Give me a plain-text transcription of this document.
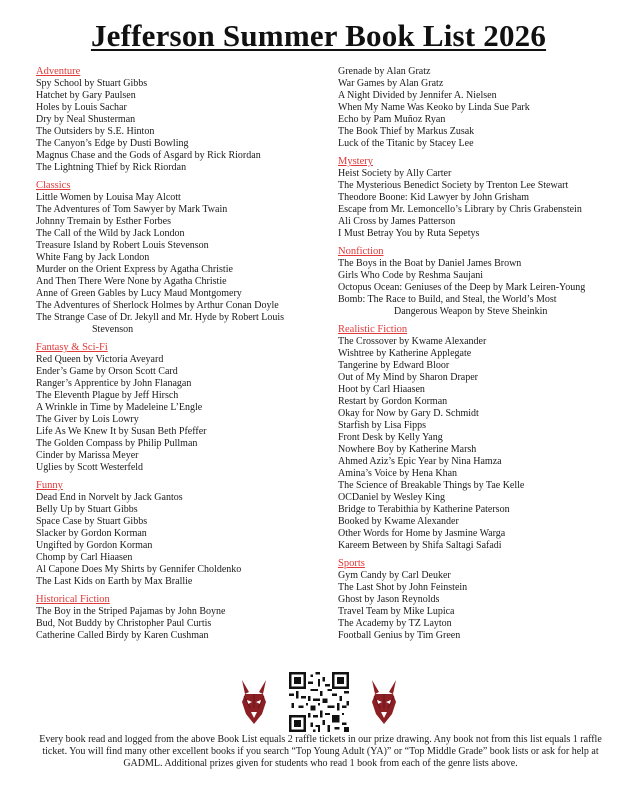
Jefferson Summer Book List 2026
Adventure
Spy School by Stuart Gibbs
Hatchet by Gary Paulsen
Holes by Louis Sachar
Dry by Neal Shusterman
The Outsiders by S.E. Hinton
The Canyon’s Edge by Dusti Bowling
Magnus Chase and the Gods of Asgard by Rick Riordan
The Lightning Thief by Rick Riordan
Classics
Little Women by Louisa May Alcott
The Adventures of Tom Sawyer by Mark Twain
Johnny Tremain by Esther Forbes
The Call of the Wild by Jack London
Treasure Island by Robert Louis Stevenson
White Fang by Jack London
Murder on the Orient Express by Agatha Christie
And Then There Were None by Agatha Christie
Anne of Green Gables by Lucy Maud Montgomery
The Adventures of Sherlock Holmes by Arthur Conan Doyle
The Strange Case of Dr. Jekyll and Mr. Hyde by Robert Louis
Stevenson
Fantasy & Sci-Fi
Red Queen by Victoria Aveyard
Ender’s Game by Orson Scott Card
Ranger’s Apprentice by John Flanagan
The Eleventh Plague by Jeff Hirsch
A Wrinkle in Time by Madeleine L’Engle
The Giver by Lois Lowry
Life As We Knew It by Susan Beth Pfeffer
The Golden Compass by Philip Pullman
Cinder by Marissa Meyer
Uglies by Scott Westerfeld
Funny
Dead End in Norvelt by Jack Gantos
Belly Up by Stuart Gibbs
Space Case by Stuart Gibbs
Slacker by Gordon Korman
Ungifted by Gordon Korman
Chomp by Carl Hiaasen
Al Capone Does My Shirts by Gennifer Choldenko
The Last Kids on Earth by Max Brallie
Historical Fiction
The Boy in the Striped Pajamas by John Boyne
Bud, Not Buddy by Christopher Paul Curtis
Catherine Called Birdy by Karen Cushman
Grenade by Alan Gratz
War Games by Alan Gratz
A Night Divided by Jennifer A. Nielsen
When My Name Was Keoko by Linda Sue Park
Echo by Pam Muñoz Ryan
The Book Thief by Markus Zusak
Luck of the Titanic by Stacey Lee
Mystery
Heist Society by Ally Carter
The Mysterious Benedict Society by Trenton Lee Stewart
Theodore Boone: Kid Lawyer by John Grisham
Escape from Mr. Lemoncello’s Library by Chris Grabenstein
Ali Cross by James Patterson
I Must Betray You by Ruta Sepetys
Nonfiction
The Boys in the Boat by Daniel James Brown
Girls Who Code by Reshma Saujani
Octopus Ocean: Geniuses of the Deep by Mark Leiren-Young
Bomb: The Race to Build, and Steal, the World’s Most
Dangerous Weapon by Steve Sheinkin
Realistic Fiction
The Crossover by Kwame Alexander
Wishtree by Katherine Applegate
Tangerine by Edward Bloor
Out of My Mind by Sharon Draper
Hoot by Carl Hiaasen
Restart by Gordon Korman
Okay for Now by Gary D. Schmidt
Starfish by Lisa Fipps
Front Desk by Kelly Yang
Nowhere Boy by Katherine Marsh
Ahmed Aziz’s Epic Year by Nina Hamza
Amina’s Voice by Hena Khan
The Science of Breakable Things by Tae Kelle
OCDaniel by Wesley King
Bridge to Terabithia by Katherine Paterson
Booked by Kwame Alexander
Other Words for Home by Jasmine Warga
Kareem Between by Shifa Saltagi Safadi
Sports
Gym Candy by Carl Deuker
The Last Shot by John Feinstein
Ghost by Jason Reynolds
Travel Team by Mike Lupica
The Academy by TZ Layton
Football Genius by Tim Green
Every book read and logged from the above Book List equals 2 raffle tickets in our prize drawing. Any book not from this list equals 1 raffle ticket. You will find many other excellent books if you search “Top Young Adult (YA)” or “Top Middle Grade” book lists or ask for help at GADML. Additional prizes given for students who read 1 book from each of the genre lists above.
